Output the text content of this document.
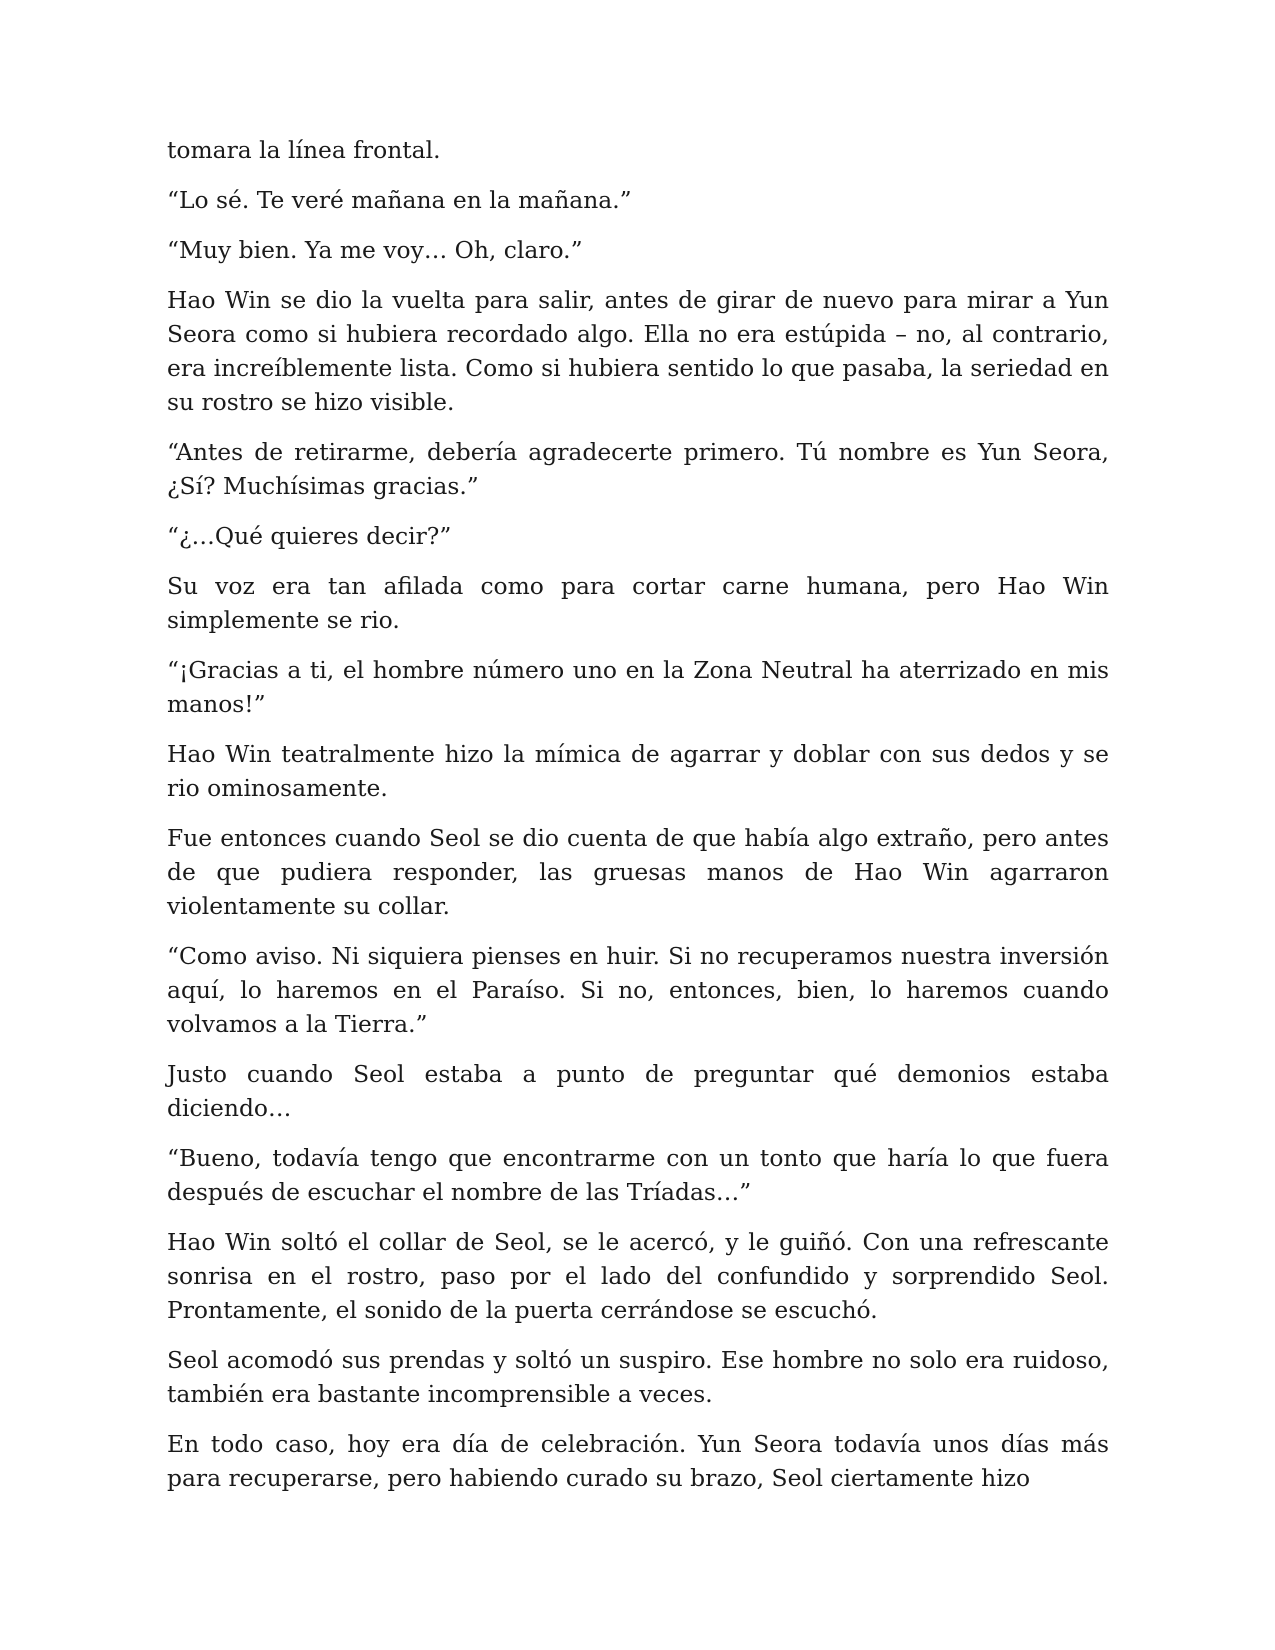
tomara la línea frontal.

“Lo sé. Te veré mañana en la mañana.”

“Muy bien. Ya me voy… Oh, claro.”

Hao Win se dio la vuelta para salir, antes de girar de nuevo para mirar a Yun Seora como si hubiera recordado algo. Ella no era estúpida – no, al contrario, era increíblemente lista. Como si hubiera sentido lo que pasaba, la seriedad en su rostro se hizo visible.

“Antes de retirarme, debería agradecerte primero. Tú nombre es Yun Seora, ¿Sí? Muchísimas gracias.”

“¿…Qué quieres decir?”

Su voz era tan afilada como para cortar carne humana, pero Hao Win simplemente se rio.

“¡Gracias a ti, el hombre número uno en la Zona Neutral ha aterrizado en mis manos!”

Hao Win teatralmente hizo la mímica de agarrar y doblar con sus dedos y se rio ominosamente.

Fue entonces cuando Seol se dio cuenta de que había algo extraño, pero antes de que pudiera responder, las gruesas manos de Hao Win agarraron violentamente su collar.

“Como aviso. Ni siquiera pienses en huir. Si no recuperamos nuestra inversión aquí, lo haremos en el Paraíso. Si no, entonces, bien, lo haremos cuando volvamos a la Tierra.”

Justo cuando Seol estaba a punto de preguntar qué demonios estaba diciendo…

“Bueno, todavía tengo que encontrarme con un tonto que haría lo que fuera después de escuchar el nombre de las Tríadas…”

Hao Win soltó el collar de Seol, se le acercó, y le guiñó. Con una refrescante sonrisa en el rostro, paso por el lado del confundido y sorprendido Seol. Prontamente, el sonido de la puerta cerrándose se escuchó.

Seol acomodó sus prendas y soltó un suspiro. Ese hombre no solo era ruidoso, también era bastante incomprensible a veces.

En todo caso, hoy era día de celebración. Yun Seora todavía unos días más para recuperarse, pero habiendo curado su brazo, Seol ciertamente hizo
